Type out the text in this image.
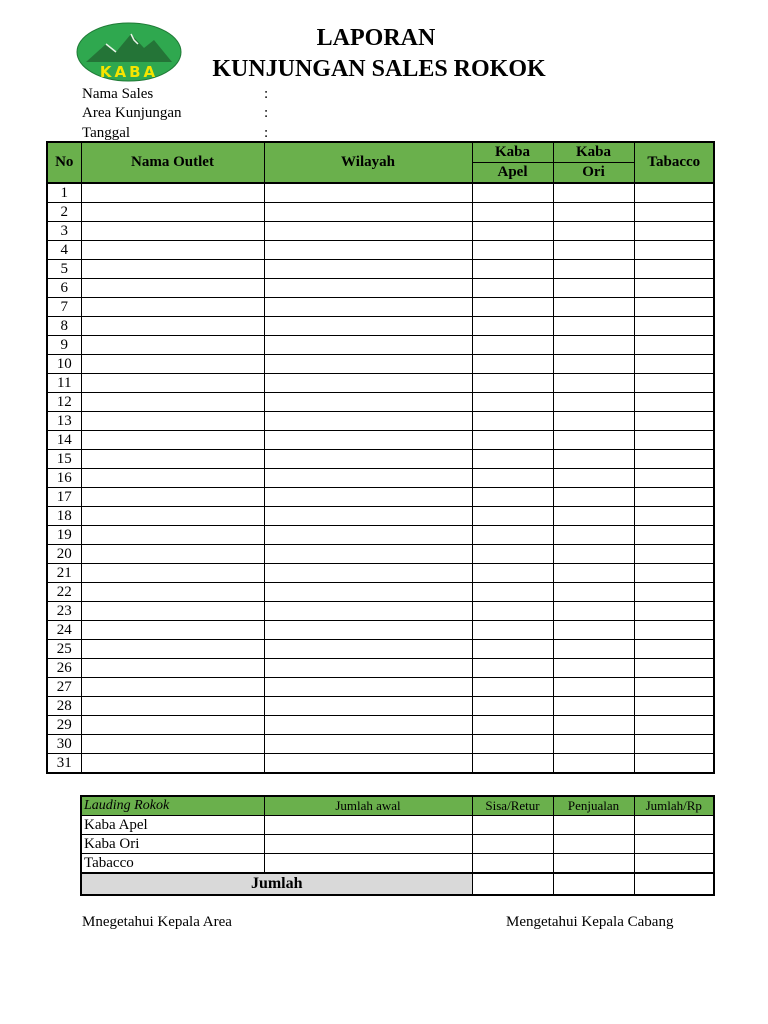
KABA
LAPORAN
KUNJUNGAN SALES ROKOK
Nama Sales	:
Area Kunjungan	:
Tanggal	:
No	Nama Outlet	Wilayah	Kaba	Kaba	Tabacco
			Apel	Ori	
1					
2					
3					
4					
5					
6					
7					
8					
9					
10					
11					
12					
13					
14					
15					
16					
17					
18					
19					
20					
21					
22					
23					
24					
25					
26					
27					
28					
29					
30					
31					
Lauding Rokok	Jumlah awal	Sisa/Retur	Penjualan	Jumlah/Rp
Kaba Apel				
Kaba Ori				
Tabacco				
Jumlah				
Mnegetahui Kepala Area	Mengetahui Kepala Cabang
